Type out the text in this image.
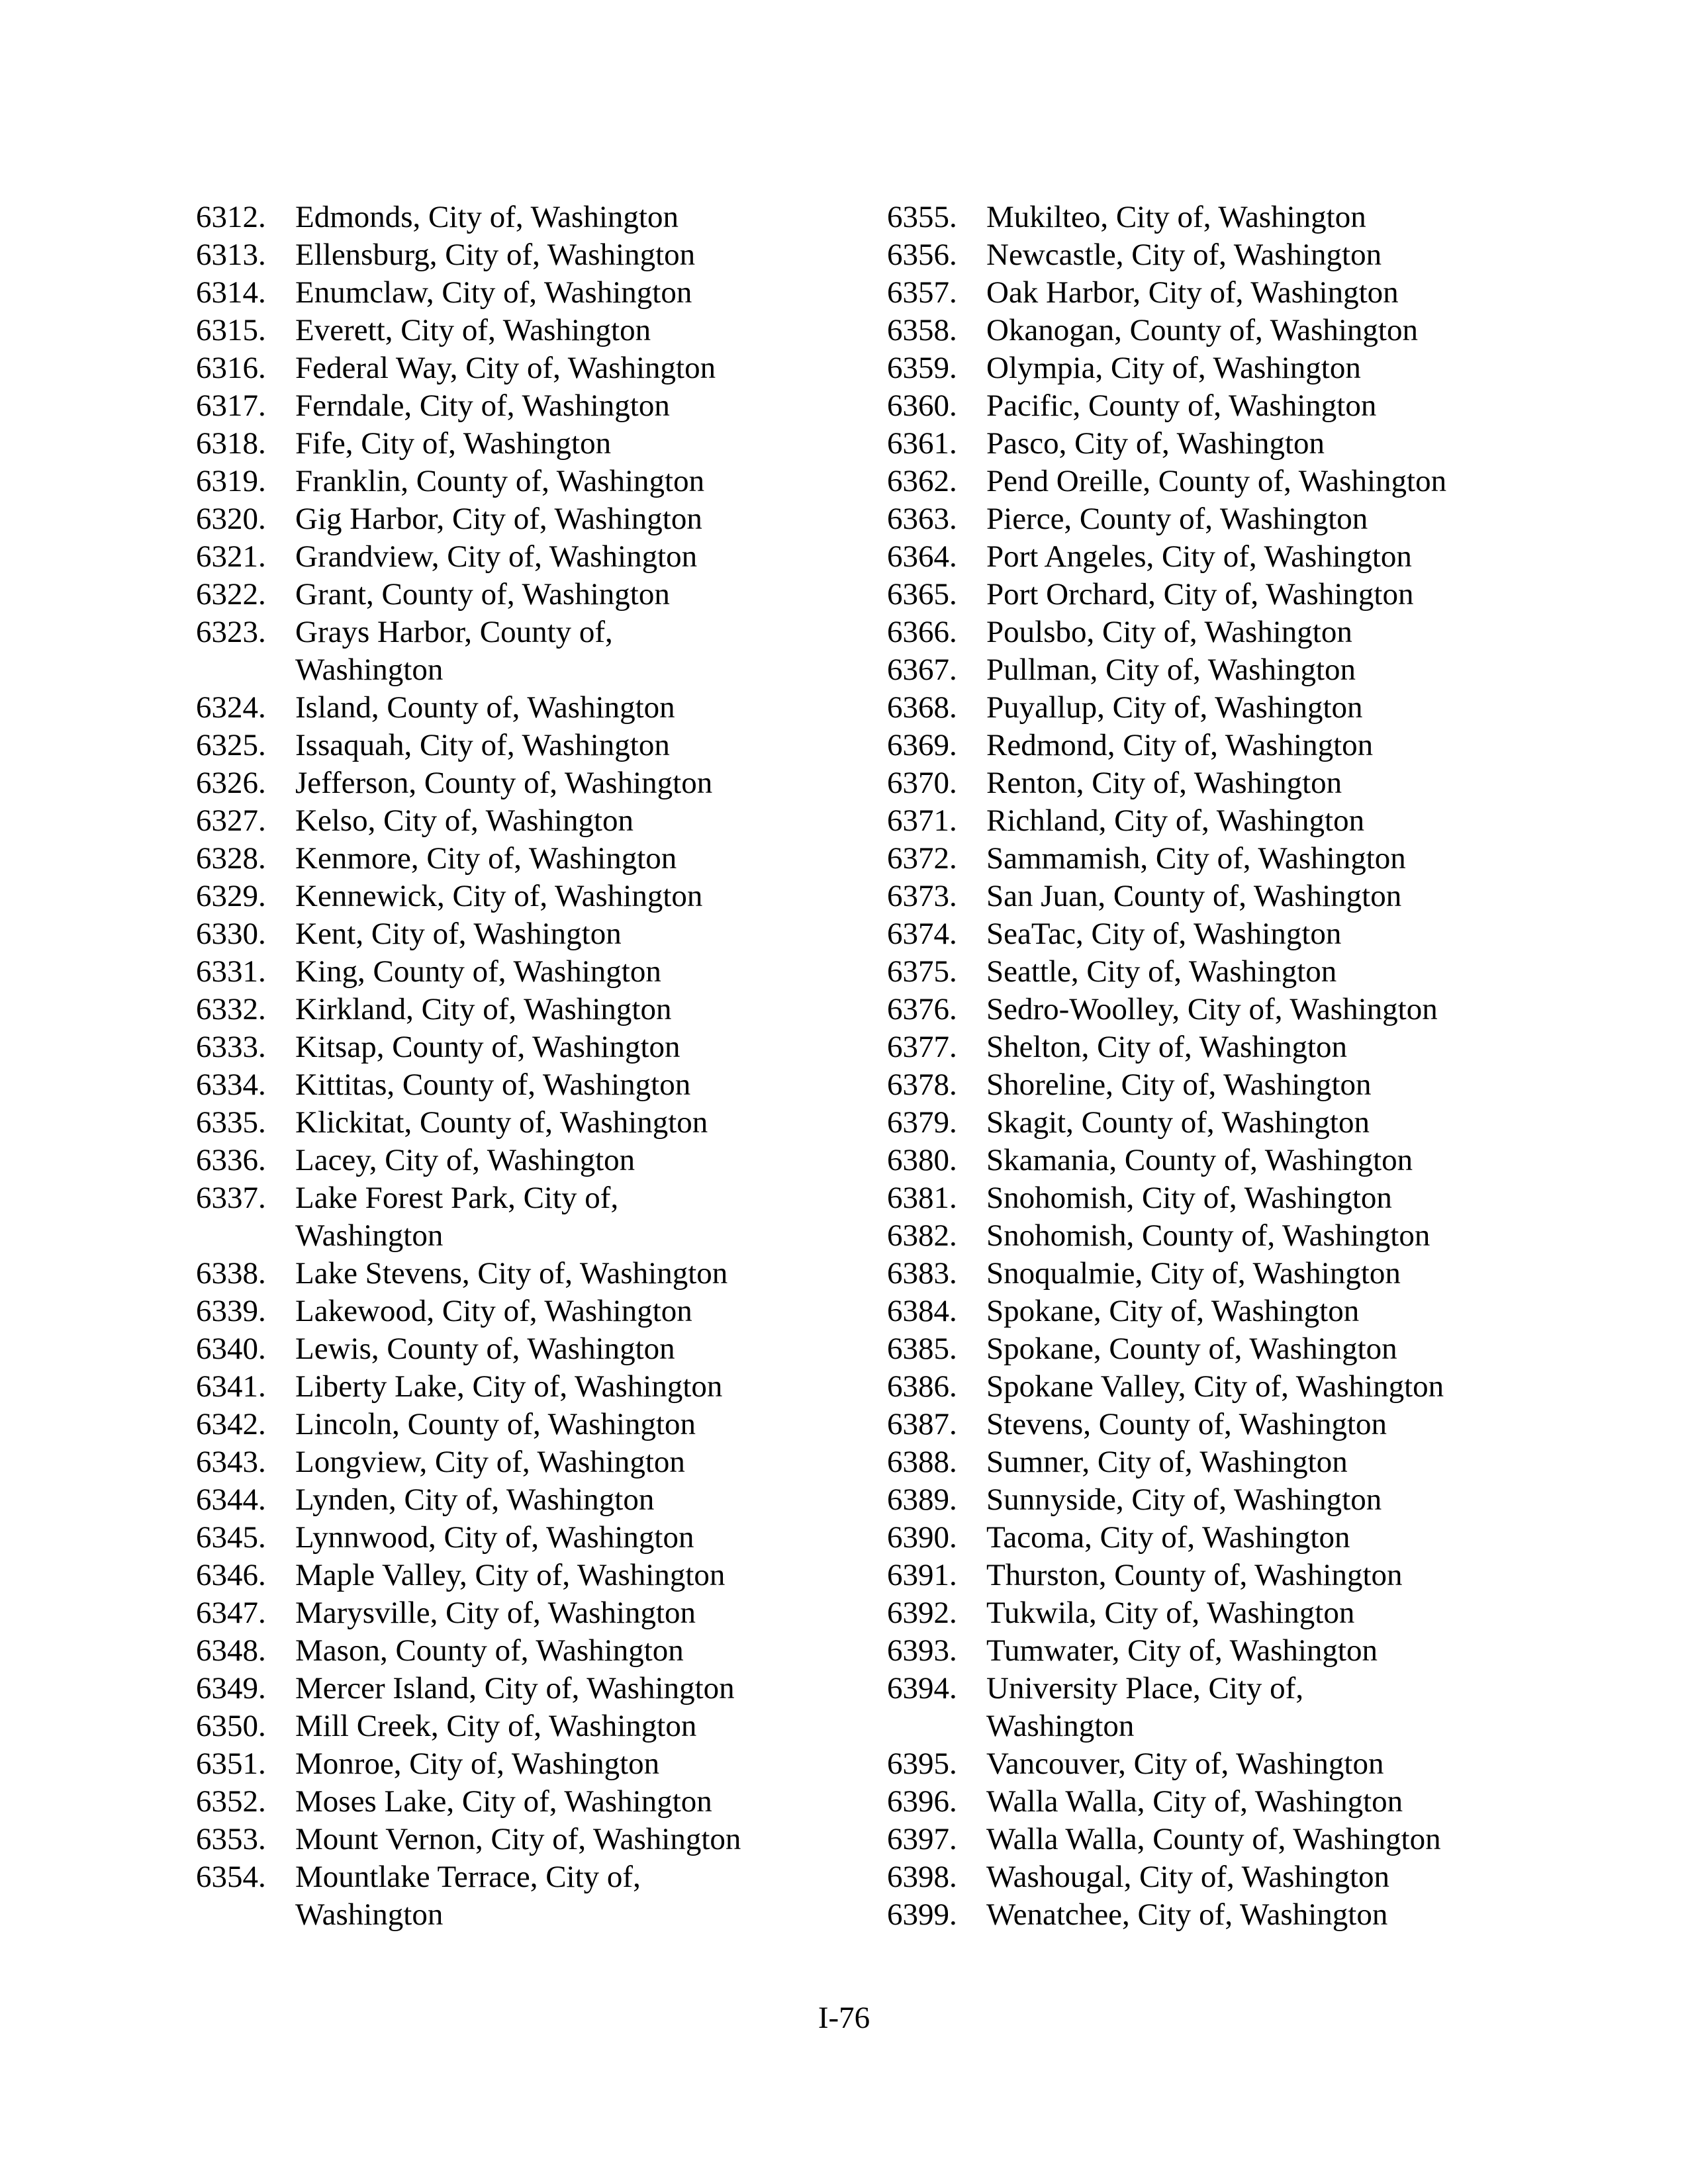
6312. Edmonds, City of, Washington
6313. Ellensburg, City of, Washington
6314. Enumclaw, City of, Washington
6315. Everett, City of, Washington
6316. Federal Way, City of, Washington
6317. Ferndale, City of, Washington
6318. Fife, City of, Washington
6319. Franklin, County of, Washington
6320. Gig Harbor, City of, Washington
6321. Grandview, City of, Washington
6322. Grant, County of, Washington
6323. Grays Harbor, County of,
Washington
6324. Island, County of, Washington
6325. Issaquah, City of, Washington
6326. Jefferson, County of, Washington
6327. Kelso, City of, Washington
6328. Kenmore, City of, Washington
6329. Kennewick, City of, Washington
6330. Kent, City of, Washington
6331. King, County of, Washington
6332. Kirkland, City of, Washington
6333. Kitsap, County of, Washington
6334. Kittitas, County of, Washington
6335. Klickitat, County of, Washington
6336. Lacey, City of, Washington
6337. Lake Forest Park, City of,
Washington
6338. Lake Stevens, City of, Washington
6339. Lakewood, City of, Washington
6340. Lewis, County of, Washington
6341. Liberty Lake, City of, Washington
6342. Lincoln, County of, Washington
6343. Longview, City of, Washington
6344. Lynden, City of, Washington
6345. Lynnwood, City of, Washington
6346. Maple Valley, City of, Washington
6347. Marysville, City of, Washington
6348. Mason, County of, Washington
6349. Mercer Island, City of, Washington
6350. Mill Creek, City of, Washington
6351. Monroe, City of, Washington
6352. Moses Lake, City of, Washington
6353. Mount Vernon, City of, Washington
6354. Mountlake Terrace, City of,
Washington
6355. Mukilteo, City of, Washington
6356. Newcastle, City of, Washington
6357. Oak Harbor, City of, Washington
6358. Okanogan, County of, Washington
6359. Olympia, City of, Washington
6360. Pacific, County of, Washington
6361. Pasco, City of, Washington
6362. Pend Oreille, County of, Washington
6363. Pierce, County of, Washington
6364. Port Angeles, City of, Washington
6365. Port Orchard, City of, Washington
6366. Poulsbo, City of, Washington
6367. Pullman, City of, Washington
6368. Puyallup, City of, Washington
6369. Redmond, City of, Washington
6370. Renton, City of, Washington
6371. Richland, City of, Washington
6372. Sammamish, City of, Washington
6373. San Juan, County of, Washington
6374. SeaTac, City of, Washington
6375. Seattle, City of, Washington
6376. Sedro-Woolley, City of, Washington
6377. Shelton, City of, Washington
6378. Shoreline, City of, Washington
6379. Skagit, County of, Washington
6380. Skamania, County of, Washington
6381. Snohomish, City of, Washington
6382. Snohomish, County of, Washington
6383. Snoqualmie, City of, Washington
6384. Spokane, City of, Washington
6385. Spokane, County of, Washington
6386. Spokane Valley, City of, Washington
6387. Stevens, County of, Washington
6388. Sumner, City of, Washington
6389. Sunnyside, City of, Washington
6390. Tacoma, City of, Washington
6391. Thurston, County of, Washington
6392. Tukwila, City of, Washington
6393. Tumwater, City of, Washington
6394. University Place, City of,
Washington
6395. Vancouver, City of, Washington
6396. Walla Walla, City of, Washington
6397. Walla Walla, County of, Washington
6398. Washougal, City of, Washington
6399. Wenatchee, City of, Washington
I-76
